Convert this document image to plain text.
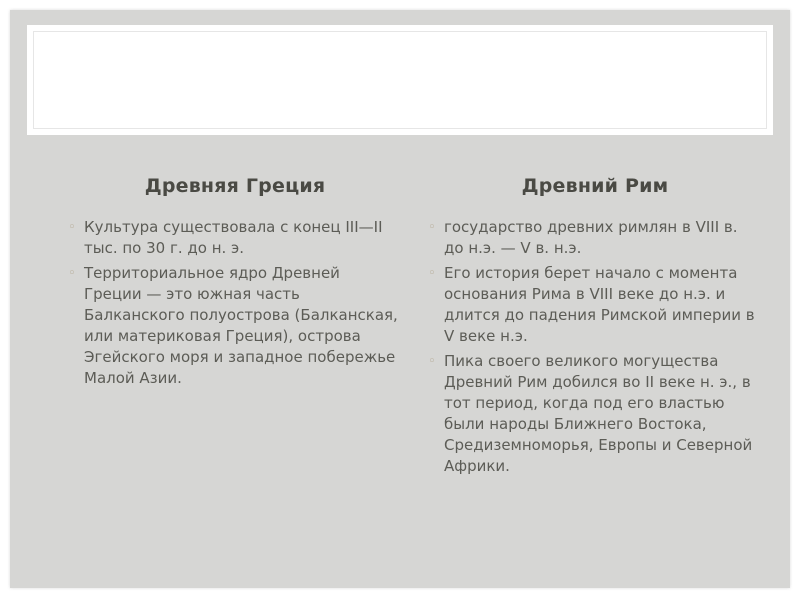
Древняя Греция	Древний Рим
◦ Культура существовала с конец III—II тыс. по 30 г. до н. э.
◦ Территориальное ядро Древней Греции — это южная часть Балканского полуострова (Балканская, или материковая Греция), острова Эгейского моря и западное побережье Малой Азии.
◦ государство древних римлян в VIII в. до н.э. — V в. н.э.
◦ Его история берет начало с момента основания Рима в VIII веке до н.э. и длится до падения Римской империи в V веке н.э.
◦ Пика своего великого могущества Древний Рим добился во II веке н. э., в тот период, когда под его властью были народы Ближнего Востока, Средиземноморья, Европы и Северной Африки.
